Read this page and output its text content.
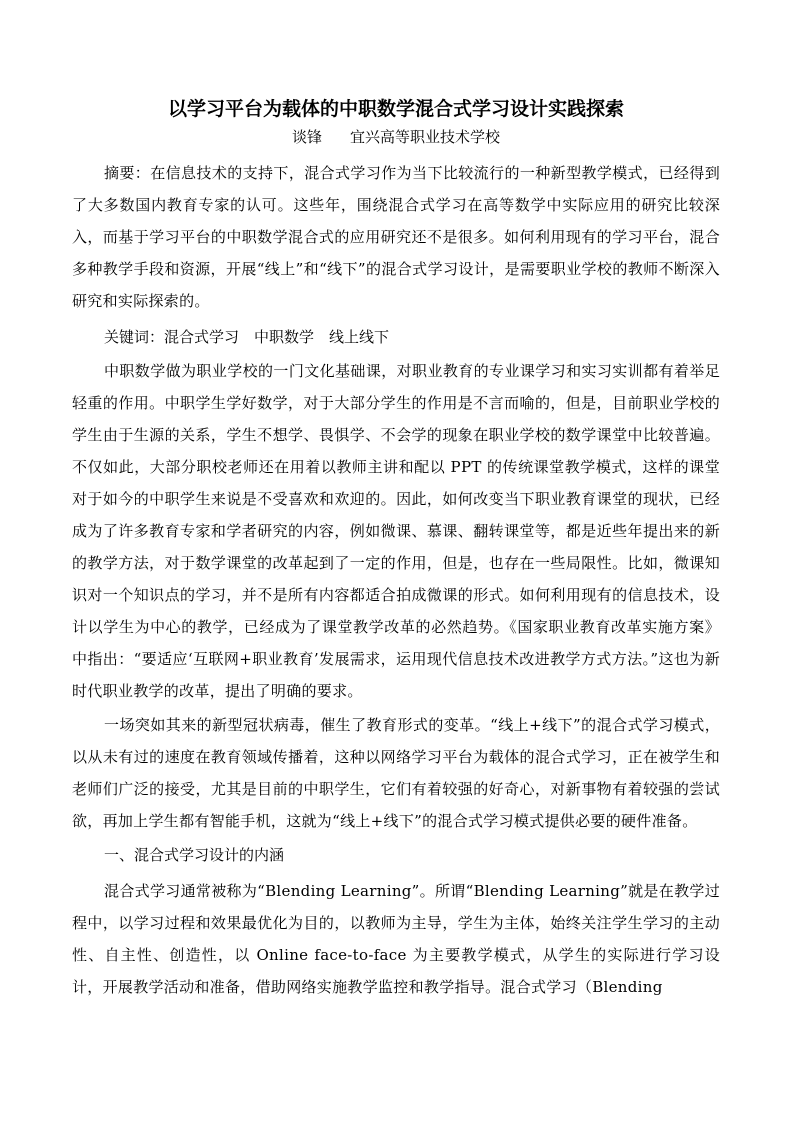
以学习平台为载体的中职数学混合式学习设计实践探索
谈锋 宜兴高等职业技术学校

摘要：在信息技术的支持下，混合式学习作为当下比较流行的一种新型教学模式，已经得到了大多数国内教育专家的认可。这些年，围绕混合式学习在高等数学中实际应用的研究比较深入，而基于学习平台的中职数学混合式的应用研究还不是很多。如何利用现有的学习平台，混合多种教学手段和资源，开展“线上”和“线下”的混合式学习设计，是需要职业学校的教师不断深入研究和实际探索的。

关键词：混合式学习　中职数学　线上线下

中职数学做为职业学校的一门文化基础课，对职业教育的专业课学习和实习实训都有着举足轻重的作用。中职学生学好数学，对于大部分学生的作用是不言而喻的，但是，目前职业学校的学生由于生源的关系，学生不想学、畏惧学、不会学的现象在职业学校的数学课堂中比较普遍。不仅如此，大部分职校老师还在用着以教师主讲和配以 PPT 的传统课堂教学模式，这样的课堂对于如今的中职学生来说是不受喜欢和欢迎的。因此，如何改变当下职业教育课堂的现状，已经成为了许多教育专家和学者研究的内容，例如微课、慕课、翻转课堂等，都是近些年提出来的新的教学方法，对于数学课堂的改革起到了一定的作用，但是，也存在一些局限性。比如，微课知识对一个知识点的学习，并不是所有内容都适合拍成微课的形式。如何利用现有的信息技术，设计以学生为中心的教学，已经成为了课堂教学改革的必然趋势。《国家职业教育改革实施方案》中指出：“要适应‘互联网+职业教育’发展需求，运用现代信息技术改进教学方式方法。”这也为新时代职业教学的改革，提出了明确的要求。

一场突如其来的新型冠状病毒，催生了教育形式的变革。“线上+线下”的混合式学习模式，以从未有过的速度在教育领域传播着，这种以网络学习平台为载体的混合式学习，正在被学生和老师们广泛的接受，尤其是目前的中职学生，它们有着较强的好奇心，对新事物有着较强的尝试欲，再加上学生都有智能手机，这就为“线上+线下”的混合式学习模式提供必要的硬件准备。

一、混合式学习设计的内涵

混合式学习通常被称为“Blending Learning”。所谓“Blending Learning”就是在教学过程中，以学习过程和效果最优化为目的，以教师为主导，学生为主体，始终关注学生学习的主动性、自主性、创造性，以 Online face-to-face 为主要教学模式，从学生的实际进行学习设计，开展教学活动和准备，借助网络实施教学监控和教学指导。混合式学习（Blending
